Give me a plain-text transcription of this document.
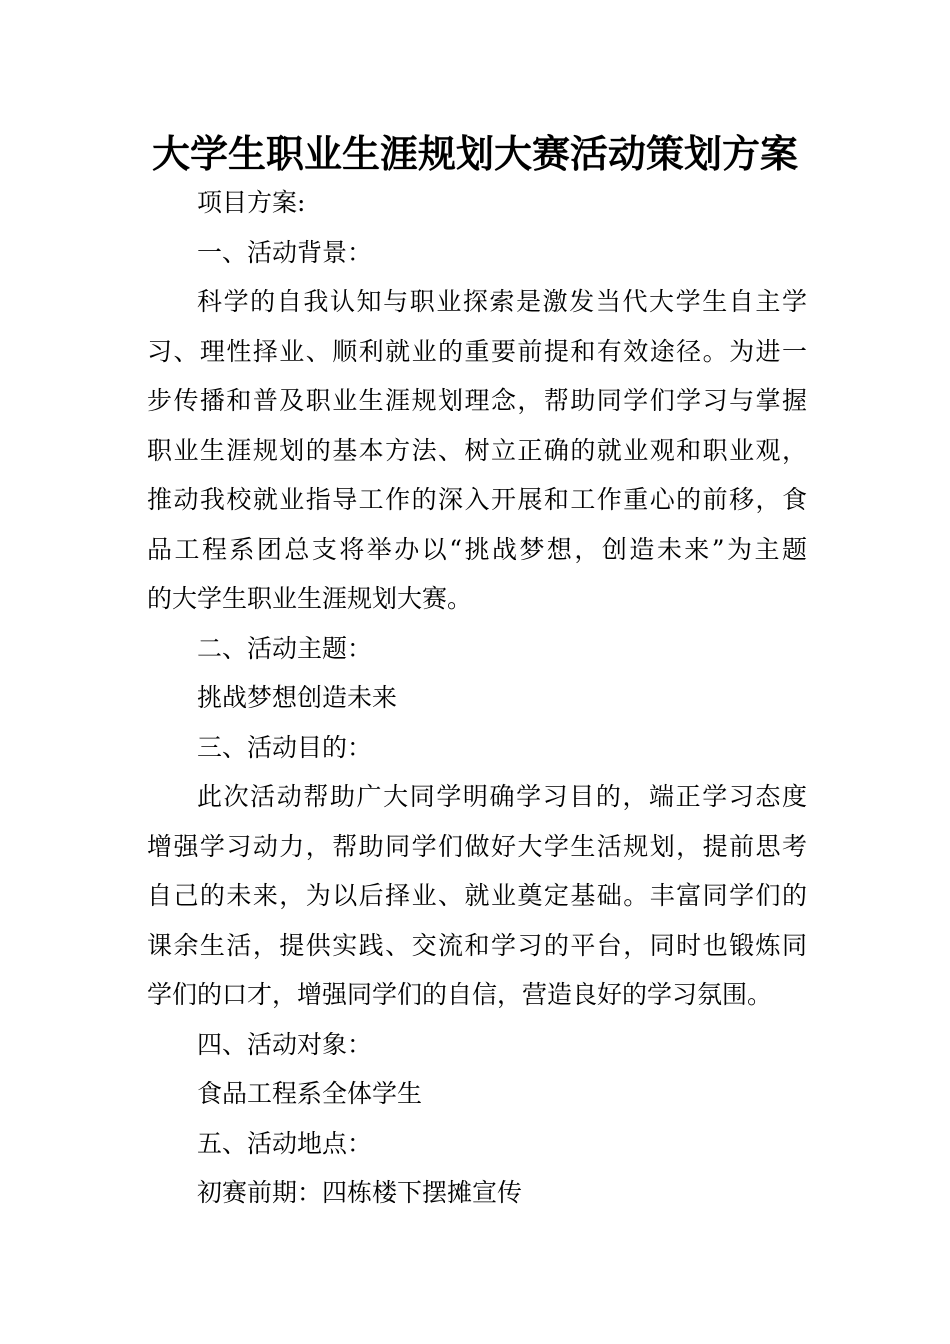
大学生职业生涯规划大赛活动策划方案
项目方案:
一、活动背景：
科学的自我认知与职业探索是激发当代大学生自主学
习、理性择业、顺利就业的重要前提和有效途径。为进一
步传播和普及职业生涯规划理念，帮助同学们学习与掌握
职业生涯规划的基本方法、树立正确的就业观和职业观，
推动我校就业指导工作的深入开展和工作重心的前移，食
品工程系团总支将举办以“挑战梦想，创造未来”为主题
的大学生职业生涯规划大赛。
二、活动主题：
挑战梦想创造未来
三、活动目的：
此次活动帮助广大同学明确学习目的，端正学习态度
增强学习动力，帮助同学们做好大学生活规划，提前思考
自己的未来，为以后择业、就业奠定基础。丰富同学们的
课余生活，提供实践、交流和学习的平台，同时也锻炼同
学们的口才，增强同学们的自信，营造良好的学习氛围。
四、活动对象：
食品工程系全体学生
五、活动地点：
初赛前期：四栋楼下摆摊宣传
